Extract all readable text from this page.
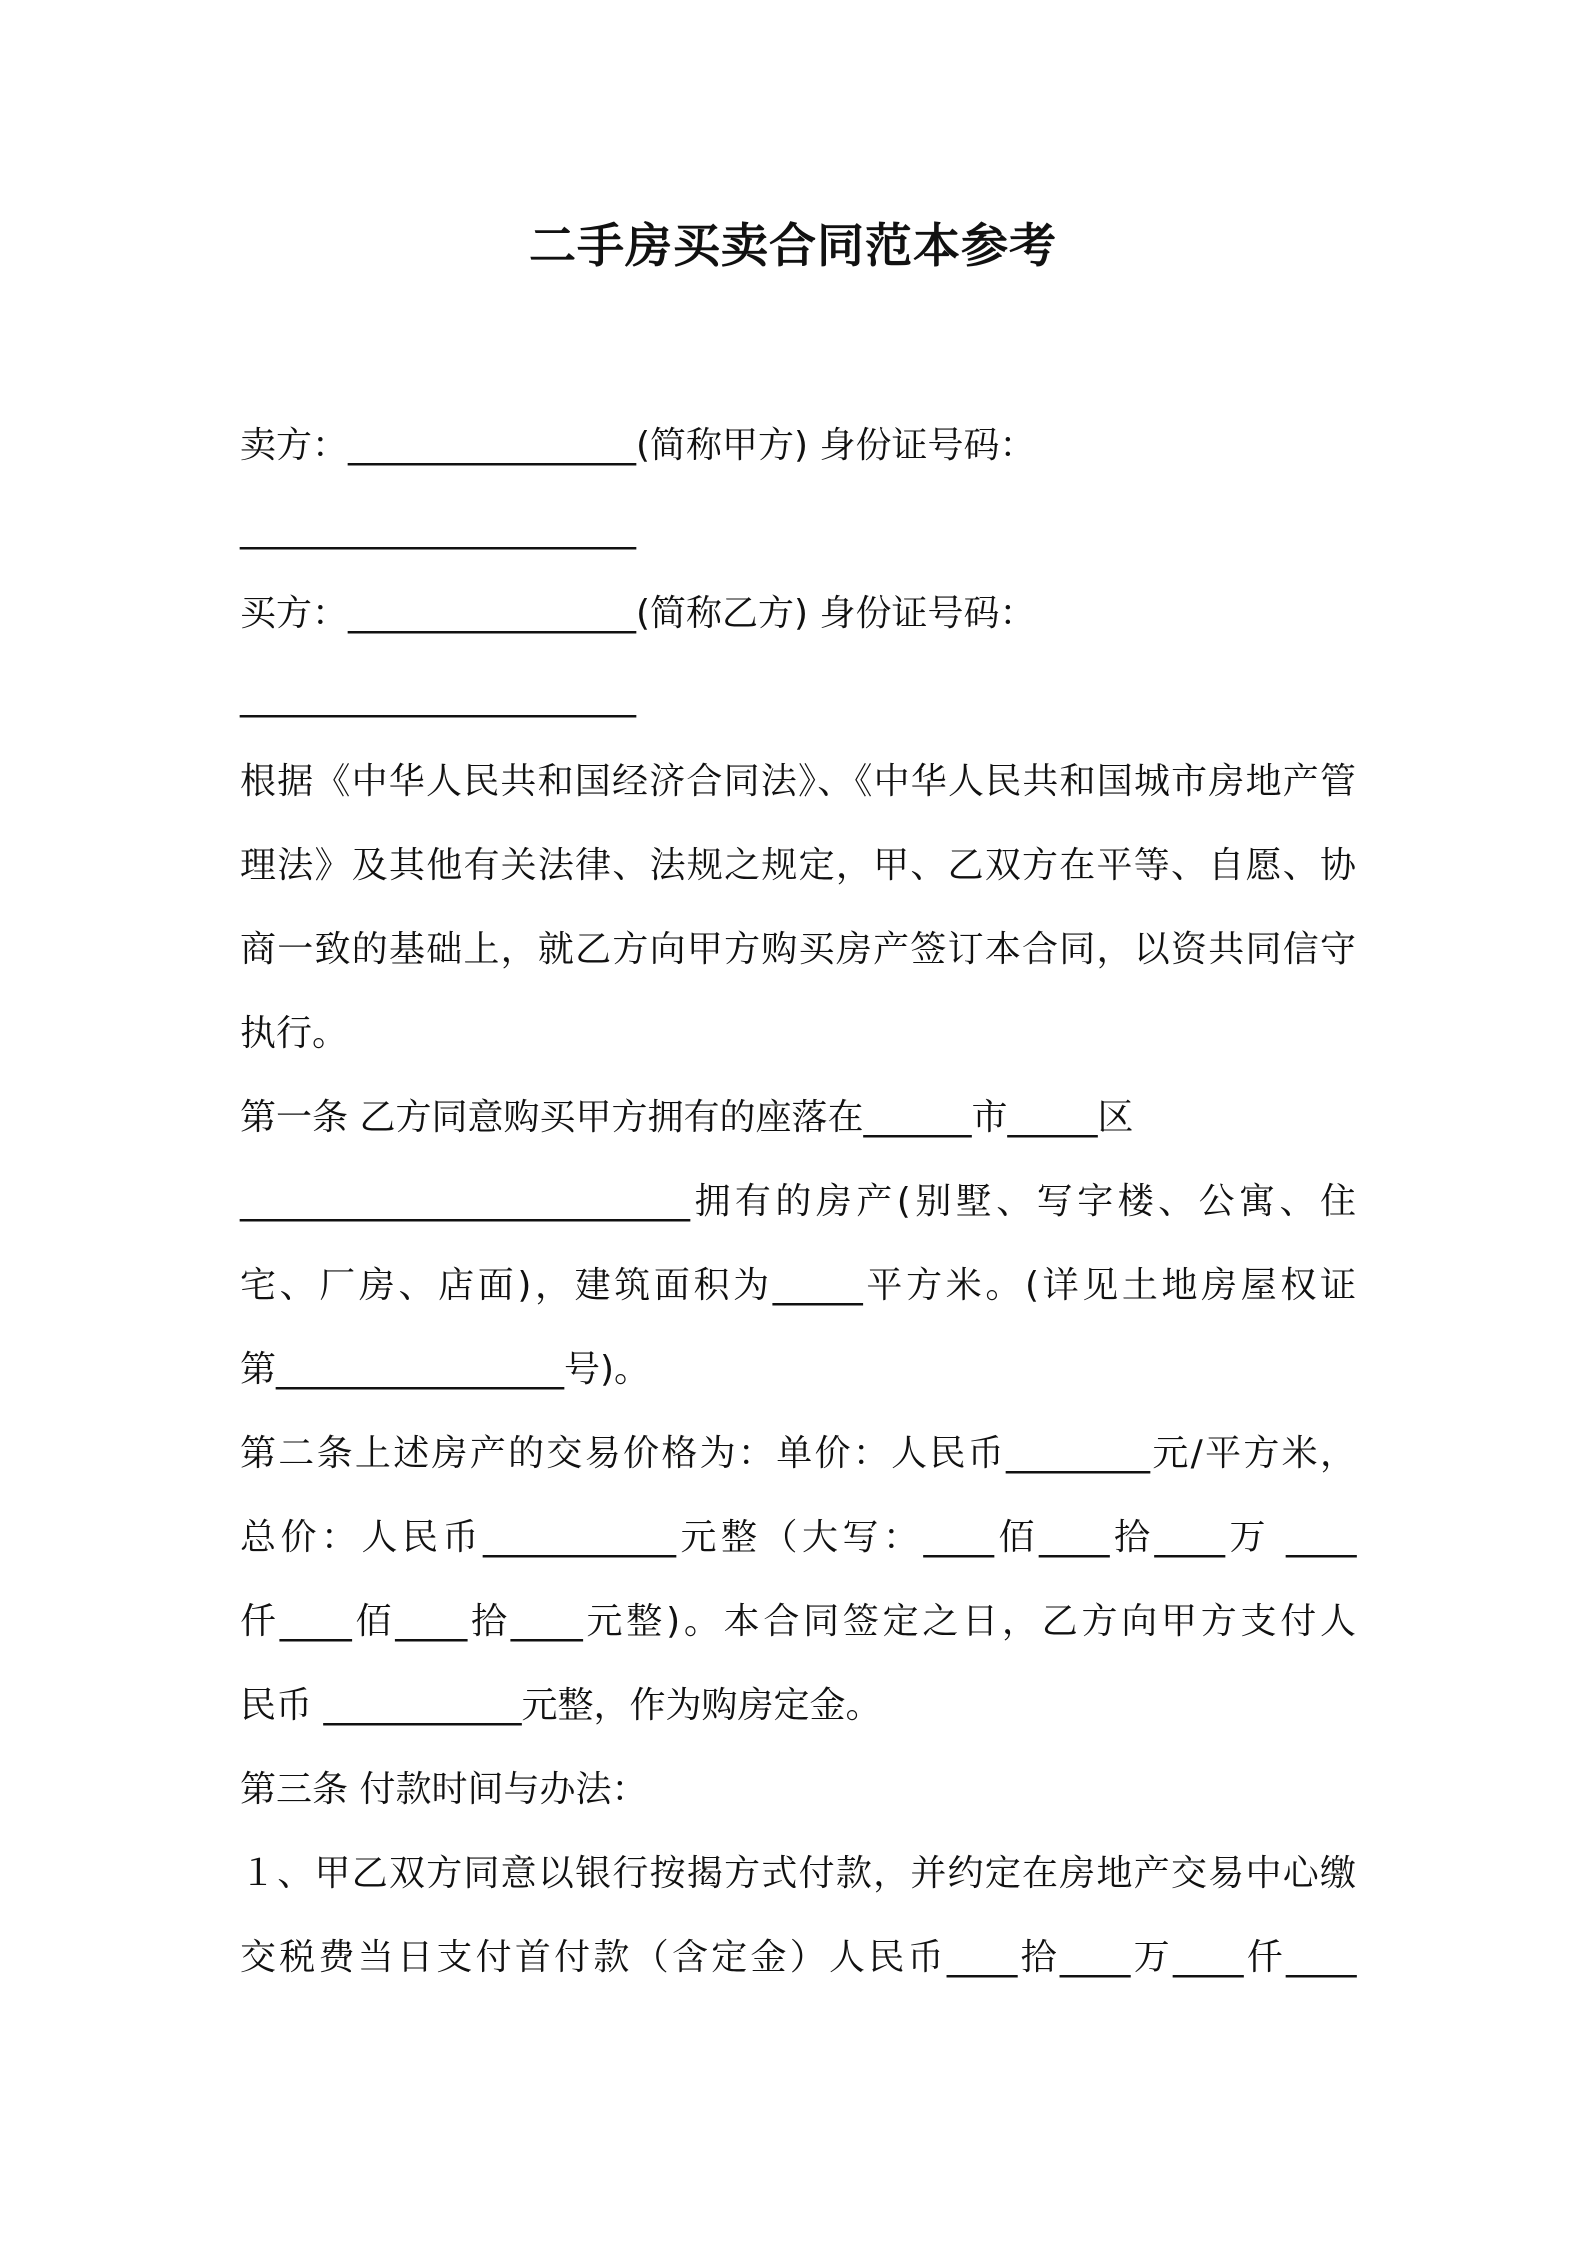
二手房买卖合同范本参考
卖方：________________(简称甲方) 身份证号码：
______________________
买方：________________(简称乙方) 身份证号码：
______________________
根据《中华人民共和国经济合同法》、《中华人民共和国城市房地产管
理法》及其他有关法律、法规之规定，甲、乙双方在平等、自愿、协
商一致的基础上，就乙方向甲方购买房产签订本合同，以资共同信守
执行。
第一条 乙方同意购买甲方拥有的座落在______市_____区
_________________________拥有的房产(别墅、写字楼、公寓、住
宅、厂房、店面)，建筑面积为_____平方米。(详见土地房屋权证
第________________号)。
第二条上述房产的交易价格为：单价：人民币________元/平方米，
总价：人民币___________元整（大写：____佰____拾____万 ____
仟____佰____拾____元整)。本合同签定之日，乙方向甲方支付人
民币 ___________元整，作为购房定金。
第三条 付款时间与办法：
１、甲乙双方同意以银行按揭方式付款，并约定在房地产交易中心缴
交税费当日支付首付款（含定金）人民币____拾____万____仟____
